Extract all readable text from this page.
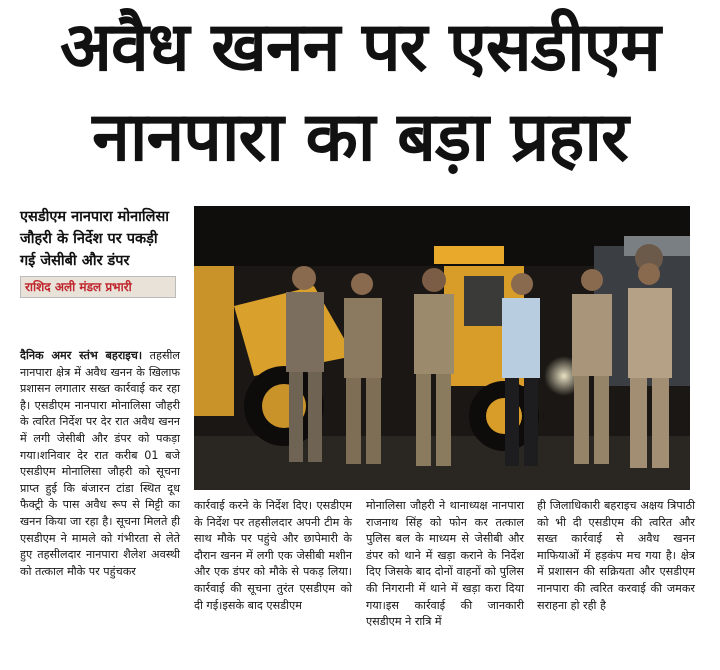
अवैध खनन पर एसडीएम
नानपारा का बड़ा प्रहार
एसडीएम नानपारा मोनालिसा जौहरी के निर्देश पर पकड़ी गई जेसीबी और डंपर
राशिद अली मंडल प्रभारी
दैनिक अमर स्तंभ बहराइच। तहसील नानपारा क्षेत्र में अवैध खनन के खिलाफ प्रशासन लगातार सख्त कार्रवाई कर रहा है। एसडीएम नानपारा मोनालिसा जौहरी के त्वरित निर्देश पर देर रात अवैध खनन में लगी जेसीबी और डंपर को पकड़ा गया।शनिवार देर रात करीब 01 बजे एसडीएम मोनालिसा जौहरी को सूचना प्राप्त हुई कि बंजारन टांडा स्थित दूध फैक्ट्री के पास अवैध रूप से मिट्टी का खनन किया जा रहा है। सूचना मिलते ही एसडीएम ने मामले को गंभीरता से लेते हुए तहसीलदार नानपारा शैलेश अवस्थी को तत्काल मौके पर पहुंचकर
कार्रवाई करने के निर्देश दिए। एसडीएम के निर्देश पर तहसीलदार अपनी टीम के साथ मौके पर पहुंचे और छापेमारी के दौरान खनन में लगी एक जेसीबी मशीन और एक डंपर को मौके से पकड़ लिया। कार्रवाई की सूचना तुरंत एसडीएम को दी गई।इसके बाद एसडीएम
मोनालिसा जौहरी ने थानाध्यक्ष नानपारा राजनाथ सिंह को फोन कर तत्काल पुलिस बल के माध्यम से जेसीबी और डंपर को थाने में खड़ा कराने के निर्देश दिए जिसके बाद दोनों वाहनों को पुलिस की निगरानी में थाने में खड़ा करा दिया गया।इस कार्रवाई की जानकारी एसडीएम ने रात्रि में
ही जिलाधिकारी बहराइच अक्षय त्रिपाठी को भी दी एसडीएम की त्वरित और सख्त कार्रवाई से अवैध खनन माफियाओं में हड़कंप मच गया है। क्षेत्र में प्रशासन की सक्रियता और एसडीएम नानपारा की त्वरित करवाई की जमकर सराहना हो रही है
